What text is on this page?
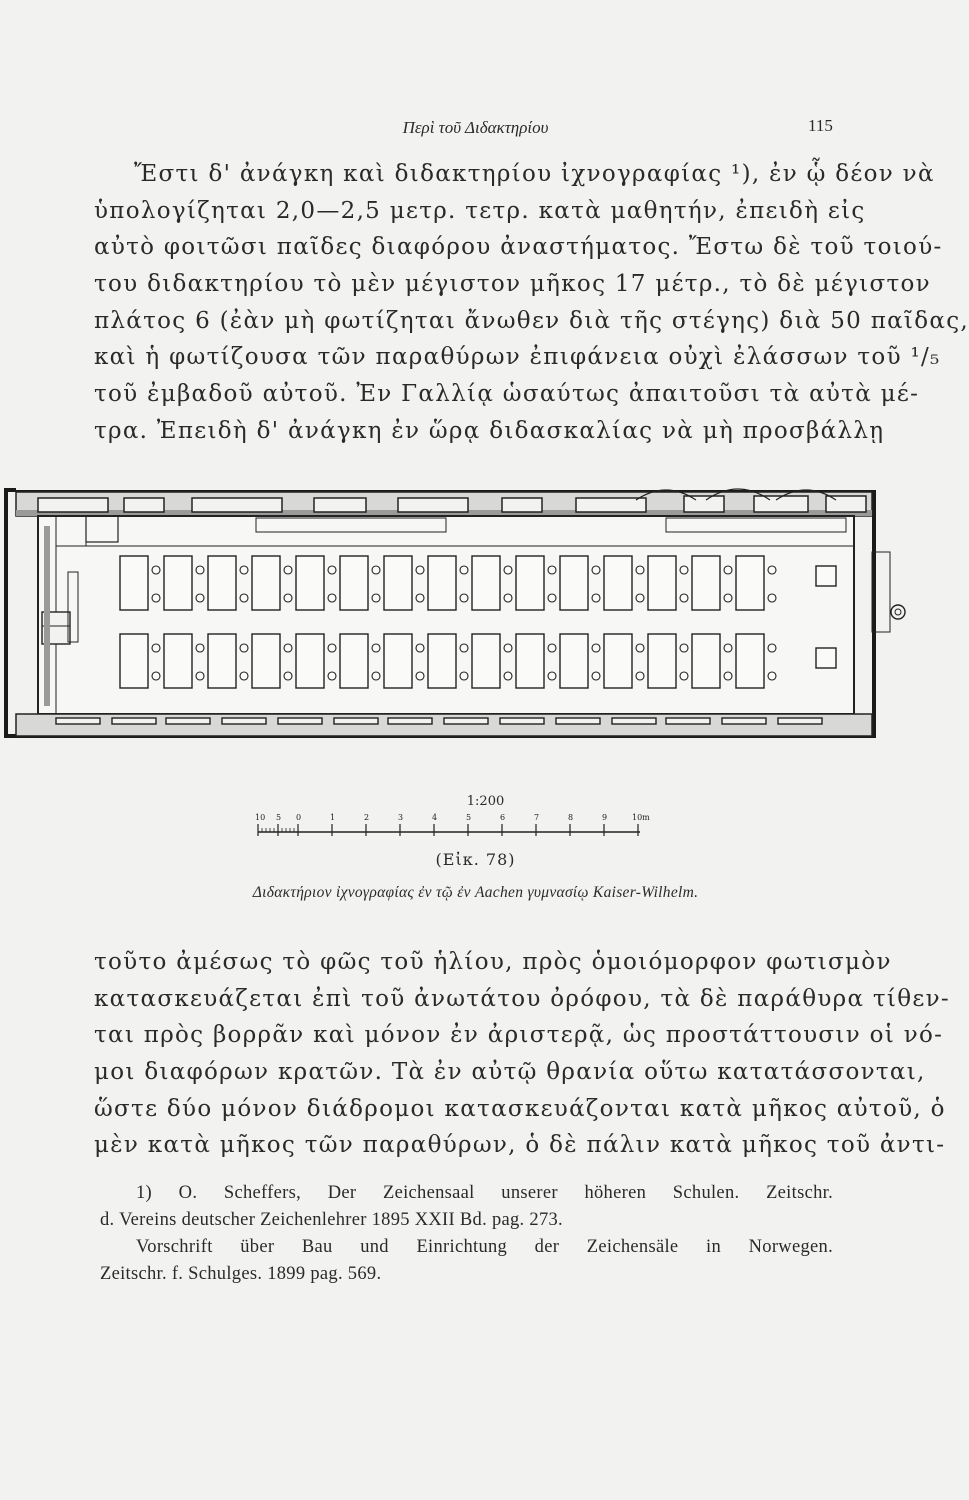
Περὶ τοῦ Διδακτηρίου	115
Ἔστι δ' ἀνάγκη καὶ διδακτηρίου ἰχνογραφίας ¹), ἐν ᾧ δέον νὰ
ὑπολογίζηται 2,0—2,5 μετρ. τετρ. κατὰ μαθητήν, ἐπειδὴ εἰς
αὐτὸ φοιτῶσι παῖδες διαφόρου ἀναστήματος. Ἔστω δὲ τοῦ τοιού-
του διδακτηρίου τὸ μὲν μέγιστον μῆκος 17 μέτρ., τὸ δὲ μέγιστον
πλάτος 6 (ἐὰν μὴ φωτίζηται ἄνωθεν διὰ τῆς στέγης) διὰ 50 παῖδας,
καὶ ἡ φωτίζουσα τῶν παραθύρων ἐπιφάνεια οὐχὶ ἐλάσσων τοῦ ¹/₅
τοῦ ἐμβαδοῦ αὐτοῦ. Ἐν Γαλλίᾳ ὡσαύτως ἀπαιτοῦσι τὰ αὐτὰ μέ-
τρα. Ἐπειδὴ δ' ἀνάγκη ἐν ὥρᾳ διδασκαλίας νὰ μὴ προσβάλλῃ
1:200
10 5 0	1	2	3	4	5	6	7	8	9	10m
(Εἰκ. 78)
Διδακτήριον ἰχνογραφίας ἐν τῷ ἐν Aachen γυμνασίῳ Kaiser-Wilhelm.
τοῦτο ἀμέσως τὸ φῶς τοῦ ἡλίου, πρὸς ὁμοιόμορφον φωτισμὸν
κατασκευάζεται ἐπὶ τοῦ ἀνωτάτου ὀρόφου, τὰ δὲ παράθυρα τίθεν-
ται πρὸς βορρᾶν καὶ μόνον ἐν ἀριστερᾷ, ὡς προστάττουσιν οἱ νό-
μοι διαφόρων κρατῶν. Τὰ ἐν αὐτῷ θρανία οὕτω κατατάσσονται,
ὥστε δύο μόνον διάδρομοι κατασκευάζονται κατὰ μῆκος αὐτοῦ, ὁ
μὲν κατὰ μῆκος τῶν παραθύρων, ὁ δὲ πάλιν κατὰ μῆκος τοῦ ἀντι-
1) O. Scheffers, Der Zeichensaal unserer höheren Schulen. Zeitschr.
d. Vereins deutscher Zeichenlehrer 1895 XXII Bd. pag. 273.
Vorschrift über Bau und Einrichtung der Zeichensäle in Norwegen.
Zeitschr. f. Schulges. 1899 pag. 569.
